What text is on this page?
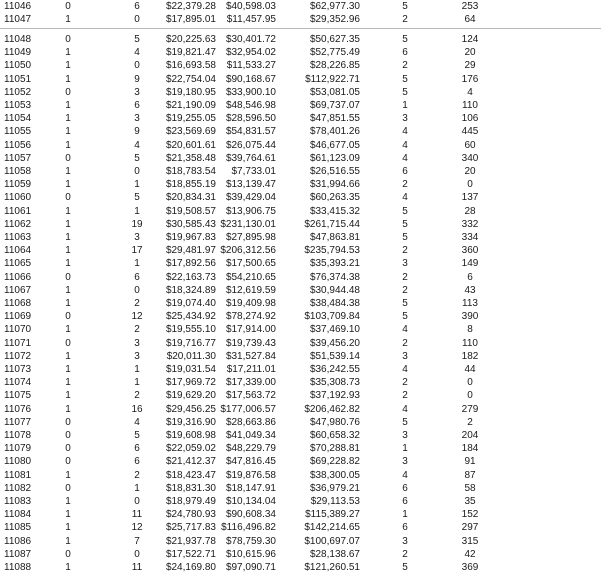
11046	0	6	$22,379.28 $40,598.03	$62,977.30	5	253
11047	1	0	$17,895.01	$11,457.95	$29,352.96	2	64
11048	0	5	$20,225.63 $30,401.72	$50,627.35	5	124
11049	1	4	$19,821.47 $32,954.02	$52,775.49	6	20
11050	1	0	$16,693.58	$11,533.27	$28,226.85	2	29
11051	1	9	$22,754.04 $90,168.67	$112,922.71	5	176
11052	0	3	$19,180.95 $33,900.10	$53,081.05	5	4
11053	1	6	$21,190.09 $48,546.98	$69,737.07	1	110
11054	1	3	$19,255.05 $28,596.50	$47,851.55	3	106
11055	1	9	$23,569.69 $54,831.57	$78,401.26	4	445
11056	1	4	$20,601.61 $26,075.44	$46,677.05	4	60
11057	0	5	$21,358.48 $39,764.61	$61,123.09	4	340
11058	1	0	$18,783.54	$7,733.01	$26,516.55	6	20
11059	1	1	$18,855.19 $13,139.47	$31,994.66	2	0
11060	0	5	$20,834.31 $39,429.04	$60,263.35	4	137
11061	1	1	$19,508.57 $13,906.75	$33,415.32	5	28
11062	1	19	$30,585.43 $231,130.01	$261,715.44	5	332
11063	1	3	$19,967.83 $27,895.98	$47,863.81	5	334
11064	1	17	$29,481.97 $206,312.56	$235,794.53	2	360
11065	1	1	$17,892.56 $17,500.65	$35,393.21	3	149
11066	0	6	$22,163.73 $54,210.65	$76,374.38	2	6
11067	1	0	$18,324.89 $12,619.59	$30,944.48	2	43
11068	1	2	$19,074.40 $19,409.98	$38,484.38	5	113
11069	0	12	$25,434.92 $78,274.92	$103,709.84	5	390
11070	1	2	$19,555.10 $17,914.00	$37,469.10	4	8
11071	0	3	$19,716.77 $19,739.43	$39,456.20	2	110
11072	1	3	$20,011.30 $31,527.84	$51,539.14	3	182
11073	1	1	$19,031.54	$17,211.01	$36,242.55	4	44
11074	1	1	$17,969.72 $17,339.00	$35,308.73	2	0
11075	1	2	$19,629.20 $17,563.72	$37,192.93	2	0
11076	1	16	$29,456.25 $177,006.57	$206,462.82	4	279
11077	0	4	$19,316.90 $28,663.86	$47,980.76	5	2
11078	0	5	$19,608.98 $41,049.34	$60,658.32	3	204
11079	0	6	$22,059.02 $48,229.79	$70,288.81	1	184
11080	0	6	$21,412.37 $47,816.45	$69,228.82	3	91
11081	1	2	$18,423.47 $19,876.58	$38,300.05	4	87
11082	0	1	$18,831.30 $18,147.91	$36,979.21	6	58
11083	1	0	$18,979.49 $10,134.04	$29,113.53	6	35
11084	1	11	$24,780.93 $90,608.34	$115,389.27	1	152
11085	1	12	$25,717.83 $116,496.82	$142,214.65	6	297
11086	1	7	$21,937.78 $78,759.30	$100,697.07	3	315
11087	0	0	$17,522.71 $10,615.96	$28,138.67	2	42
11088	1	11	$24,169.80 $97,090.71	$121,260.51	5	369
